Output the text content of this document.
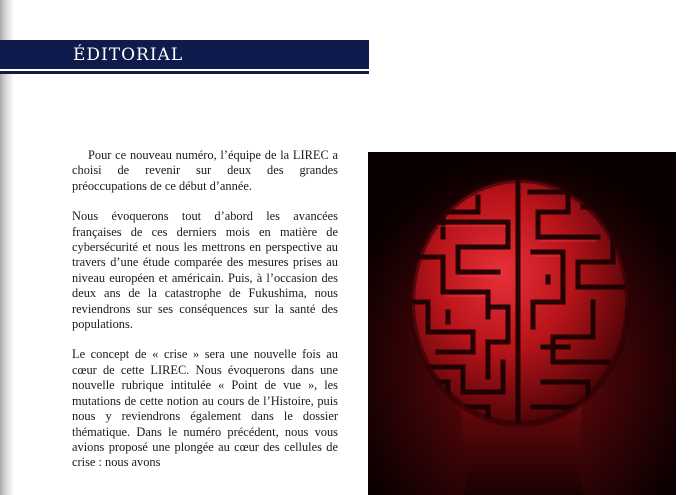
ÉDITORIAL

Pour ce nouveau numéro, l’équipe de la LIREC a choisi de revenir sur deux des grandes préoccupations de ce début d’année.

Nous évoquerons tout d’abord les avancées françaises de ces derniers mois en matière de cybersécurité et nous les mettrons en perspective au travers d’une étude comparée des mesures prises au niveau européen et américain. Puis, à l’occasion des deux ans de la catastrophe de Fukushima, nous reviendrons sur ses conséquences sur la santé des populations.

Le concept de « crise » sera une nouvelle fois au cœur de cette LIREC. Nous évoquerons dans une nouvelle rubrique intitulée « Point de vue », les mutations de cette notion au cours de l’Histoire, puis nous y reviendrons également dans le dossier thématique. Dans le numéro précédent, nous vous avions proposé une plongée au cœur des cellules de crise : nous avons
